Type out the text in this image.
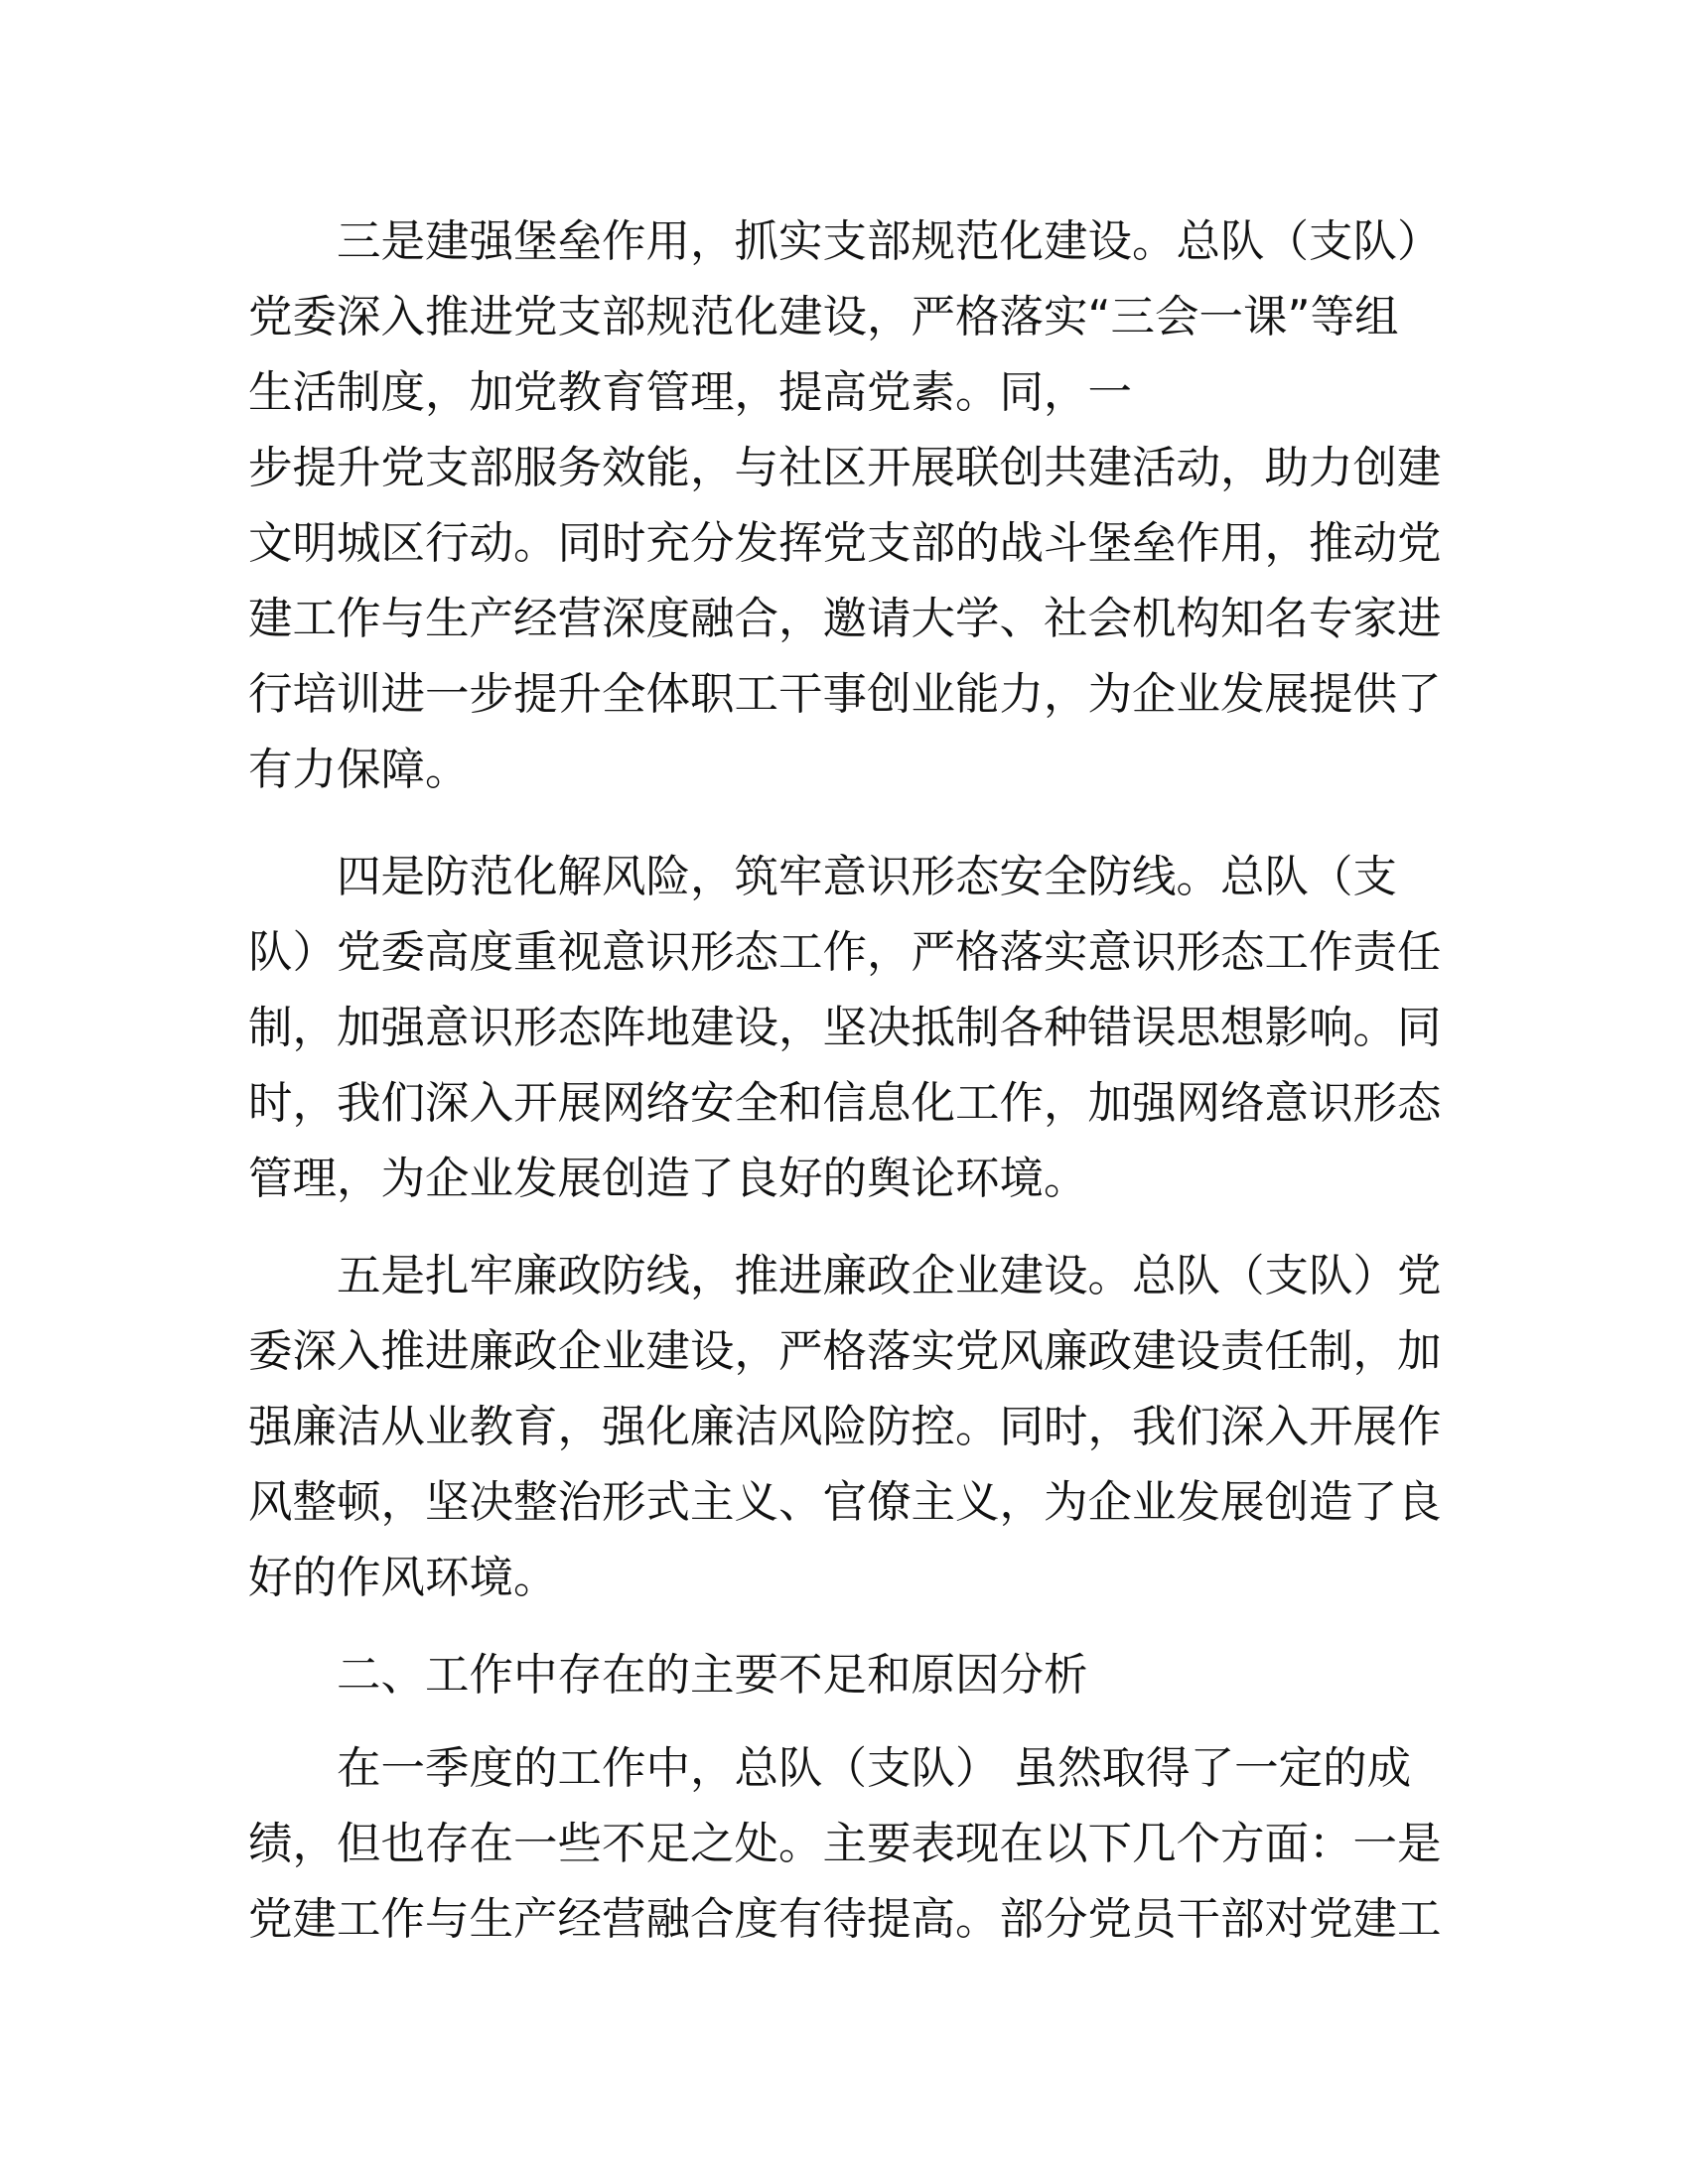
三是建强堡垒作用，抓实支部规范化建设。总队（支队）
党委深入推进党支部规范化建设，严格落实“三会一课”等组
生活制度，加党教育管理，提高党素。同，一
步提升党支部服务效能，与社区开展联创共建活动，助力创建
文明城区行动。同时充分发挥党支部的战斗堡垒作用，推动党
建工作与生产经营深度融合，邀请大学、社会机构知名专家进
行培训进一步提升全体职工干事创业能力，为企业发展提供了
有力保障。
四是防范化解风险，筑牢意识形态安全防线。总队（支
队）党委高度重视意识形态工作，严格落实意识形态工作责任
制，加强意识形态阵地建设，坚决抵制各种错误思想影响。同
时，我们深入开展网络安全和信息化工作，加强网络意识形态
管理，为企业发展创造了良好的舆论环境。
五是扎牢廉政防线，推进廉政企业建设。总队（支队）党
委深入推进廉政企业建设，严格落实党风廉政建设责任制，加
强廉洁从业教育，强化廉洁风险防控。同时，我们深入开展作
风整顿，坚决整治形式主义、官僚主义，为企业发展创造了良
好的作风环境。
二、工作中存在的主要不足和原因分析
在一季度的工作中，总队（支队） 虽然取得了一定的成
绩，但也存在一些不足之处。主要表现在以下几个方面：一是
党建工作与生产经营融合度有待提高。部分党员干部对党建工
